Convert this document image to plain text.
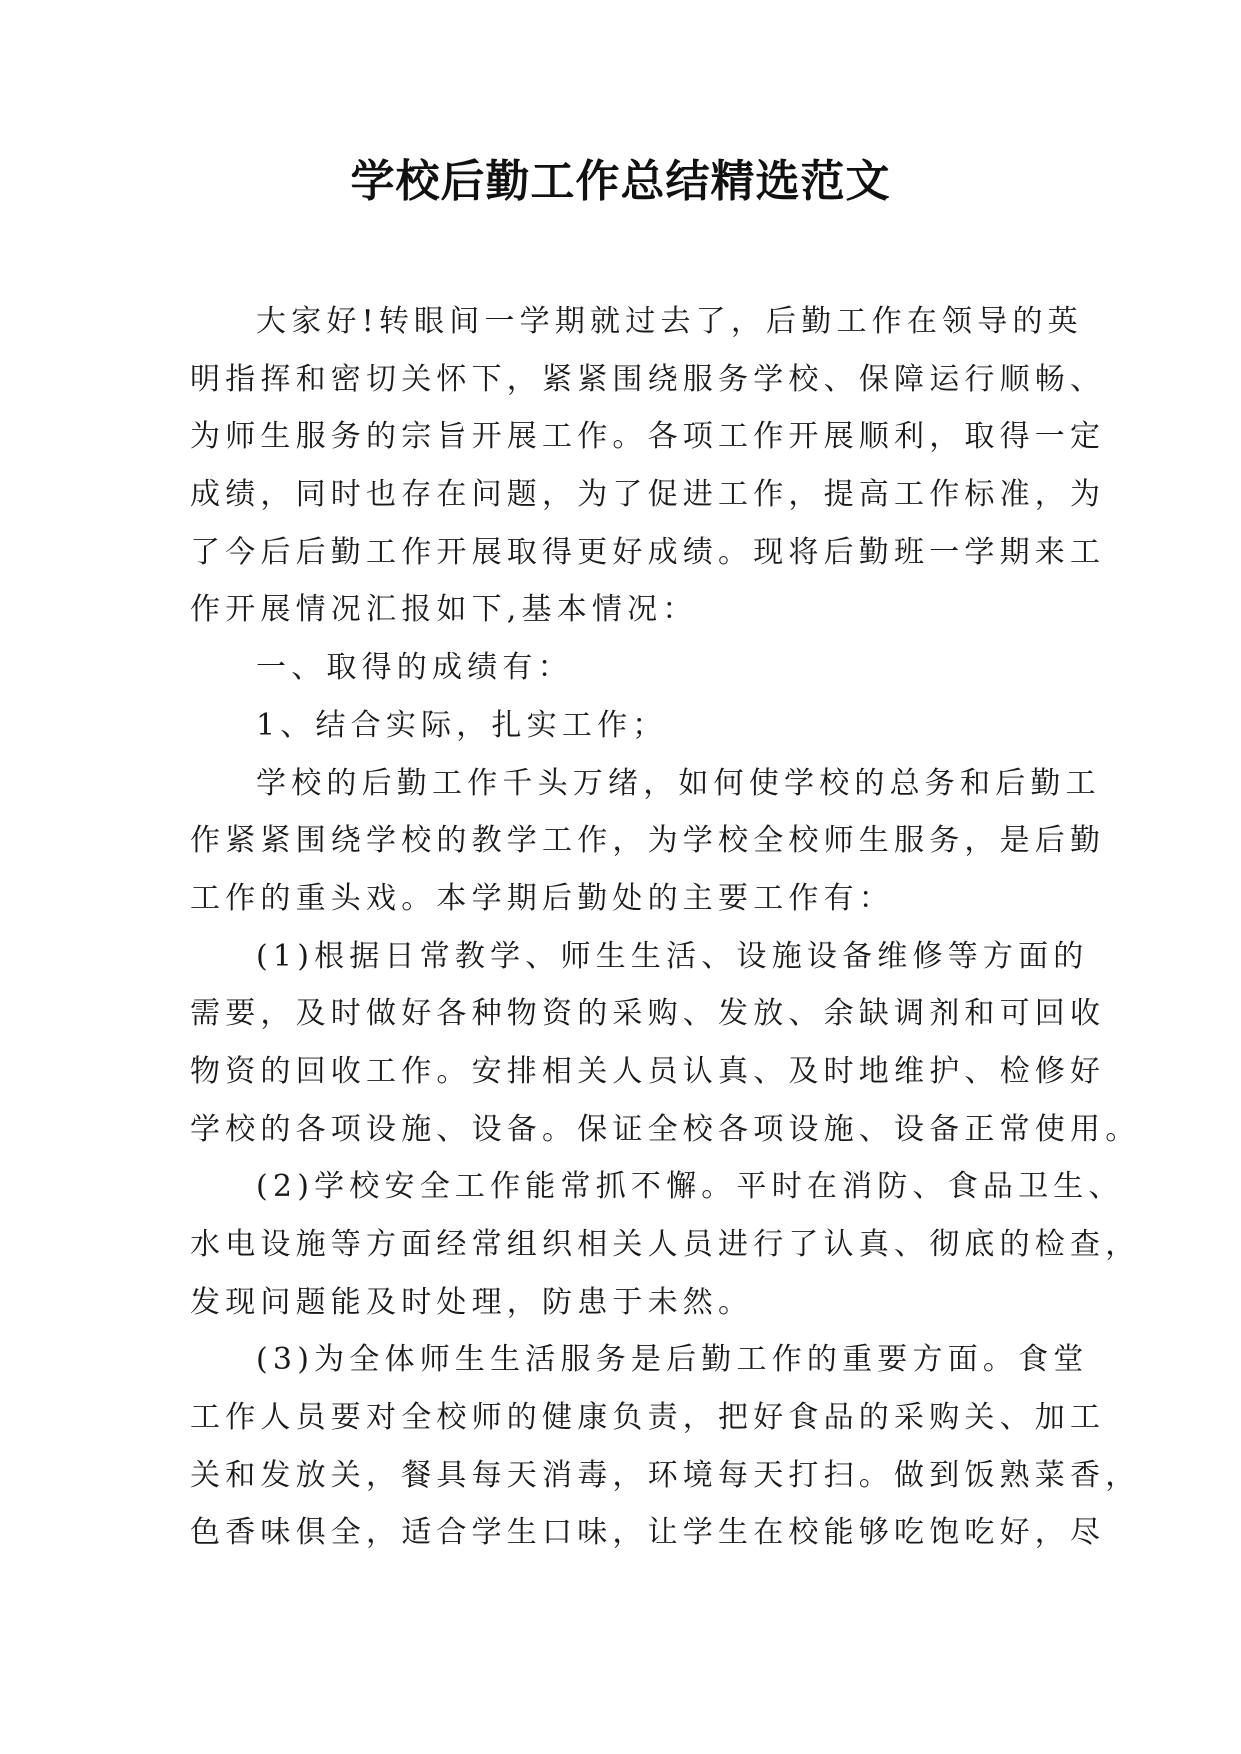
学校后勤工作总结精选范文
大家好!转眼间一学期就过去了，后勤工作在领导的英
明指挥和密切关怀下，紧紧围绕服务学校、保障运行顺畅、
为师生服务的宗旨开展工作。各项工作开展顺利，取得一定
成绩，同时也存在问题，为了促进工作，提高工作标准，为
了今后后勤工作开展取得更好成绩。现将后勤班一学期来工
作开展情况汇报如下,基本情况：
一、取得的成绩有：
1、结合实际，扎实工作；
学校的后勤工作千头万绪，如何使学校的总务和后勤工
作紧紧围绕学校的教学工作，为学校全校师生服务，是后勤
工作的重头戏。本学期后勤处的主要工作有：
(1)根据日常教学、师生生活、设施设备维修等方面的
需要，及时做好各种物资的采购、发放、余缺调剂和可回收
物资的回收工作。安排相关人员认真、及时地维护、检修好
学校的各项设施、设备。保证全校各项设施、设备正常使用。
(2)学校安全工作能常抓不懈。平时在消防、食品卫生、
水电设施等方面经常组织相关人员进行了认真、彻底的检查，
发现问题能及时处理，防患于未然。
(3)为全体师生生活服务是后勤工作的重要方面。食堂
工作人员要对全校师的健康负责，把好食品的采购关、加工
关和发放关，餐具每天消毒，环境每天打扫。做到饭熟菜香，
色香味俱全，适合学生口味，让学生在校能够吃饱吃好，尽
